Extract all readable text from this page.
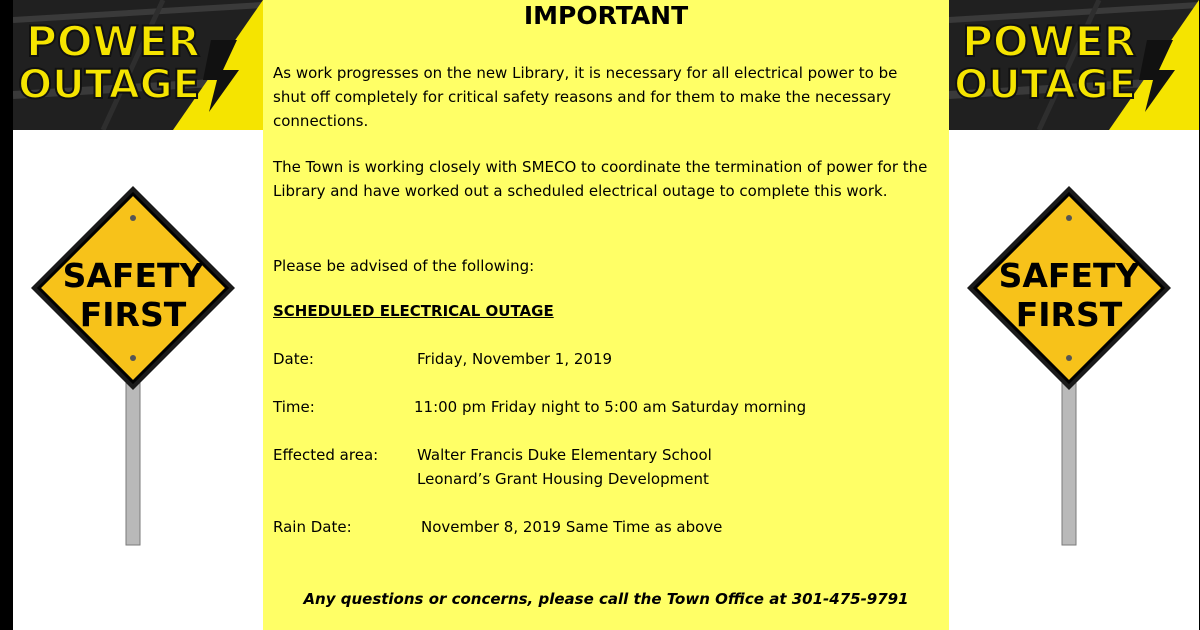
POWER
OUTAGE
SAFETY
FIRST
IMPORTANT

As work progresses on the new Library, it is necessary for all electrical power to be shut off completely for critical safety reasons and for them to make the necessary connections.

The Town is working closely with SMECO to coordinate the termination of power for the Library and have worked out a scheduled electrical outage to complete this work.

Please be advised of the following:

SCHEDULED ELECTRICAL OUTAGE
Date:	Friday, November 1, 2019
Time:	11:00 pm Friday night to 5:00 am Saturday morning
Effected area:	Walter Francis Duke Elementary School
Leonard’s Grant Housing Development
Rain Date:	November 8, 2019 Same Time as above
Any questions or concerns, please call the Town Office at 301-475-9791
POWER
OUTAGE
SAFETY
FIRST
